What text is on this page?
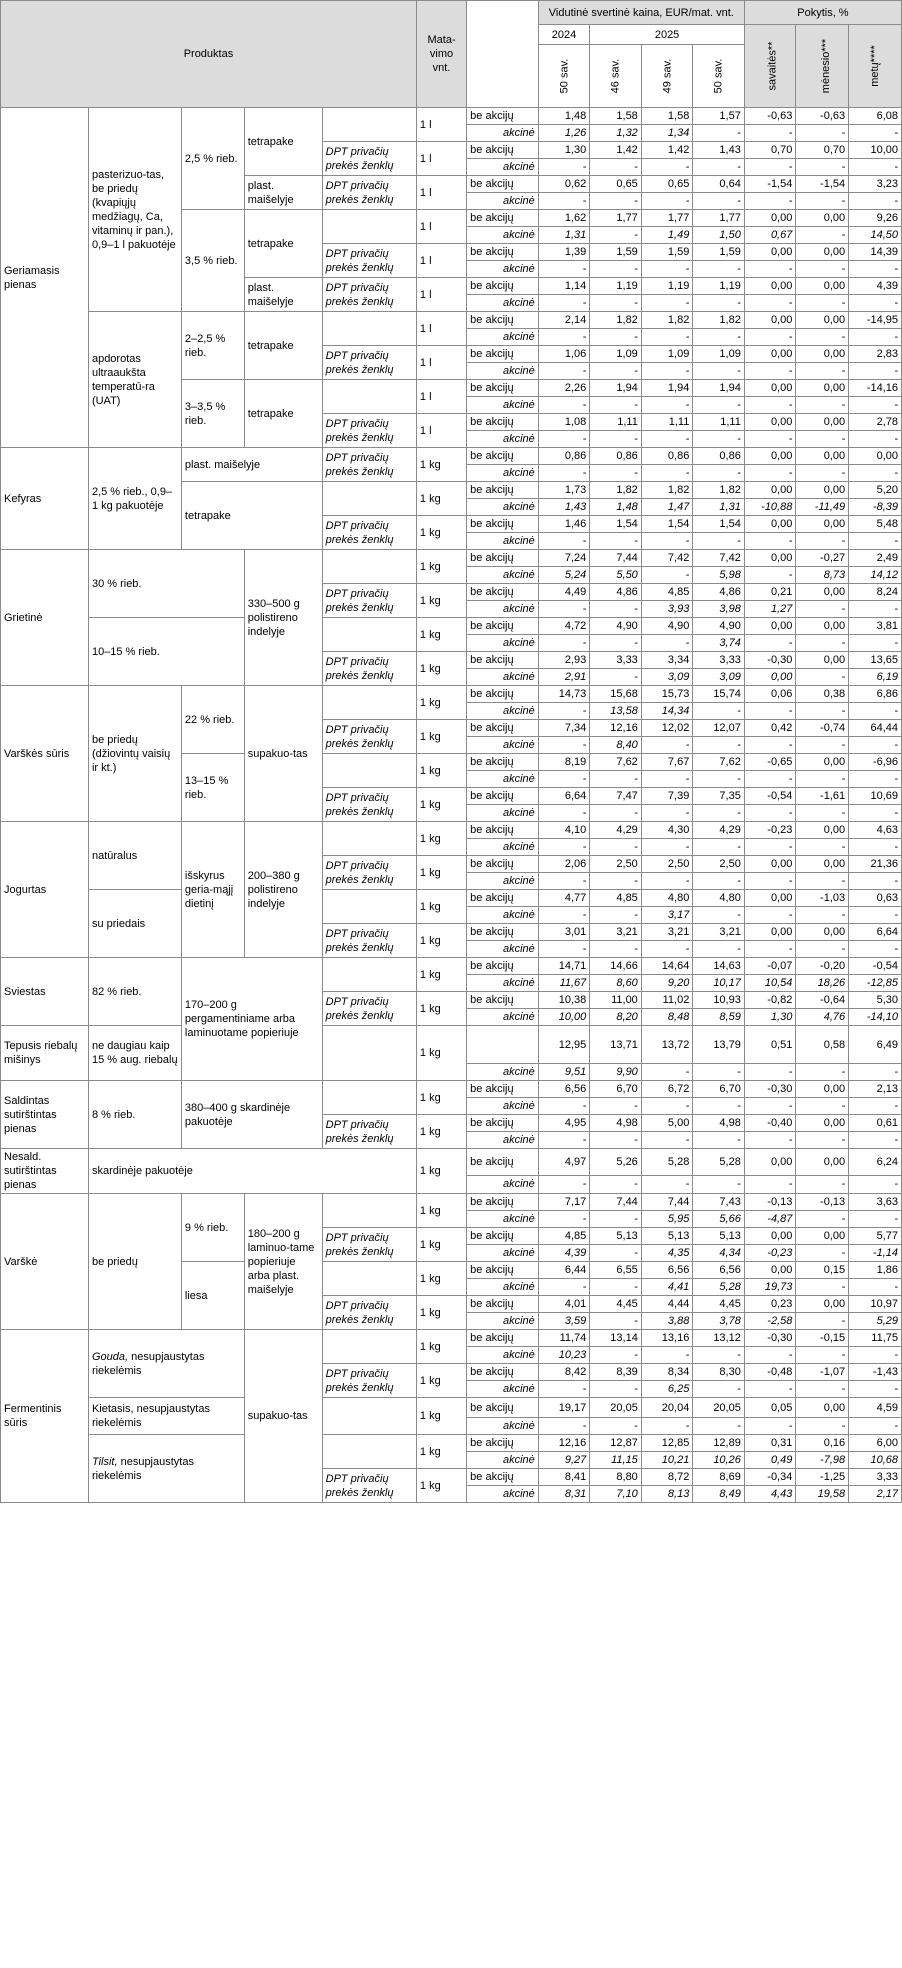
Produktas					Mata-vimo vnt.		Vidutinė svertinė kaina, EUR/mat. vnt.				Pokytis, %		
							2024	2025			savaitės**	mėnesio***	metų****
							50 sav.	46 sav.	49 sav.	50 sav.			
Geriamasis pienas	pasterizuo-tas, be priedų (kvapiųjų medžiagų, Ca, vitaminų ir pan.), 0,9–1 l pakuotėje	2,5 % rieb.	tetrapake		1 l	be akcijų	1,48	1,58	1,58	1,57	-0,63	-0,63	6,08
						akcinė	1,26	1,32	1,34	-	-	-	-
				DPT privačių prekės ženklų	1 l	be akcijų	1,30	1,42	1,42	1,43	0,70	0,70	10,00
						akcinė	-	-	-	-	-	-	-
			plast. maišelyje	DPT privačių prekės ženklų	1 l	be akcijų	0,62	0,65	0,65	0,64	-1,54	-1,54	3,23
						akcinė	-	-	-	-	-	-	-
		3,5 % rieb.	tetrapake		1 l	be akcijų	1,62	1,77	1,77	1,77	0,00	0,00	9,26
						akcinė	1,31	-	1,49	1,50	0,67	-	14,50
				DPT privačių prekės ženklų	1 l	be akcijų	1,39	1,59	1,59	1,59	0,00	0,00	14,39
						akcinė	-	-	-	-	-	-	-
			plast. maišelyje	DPT privačių prekės ženklų	1 l	be akcijų	1,14	1,19	1,19	1,19	0,00	0,00	4,39
						akcinė	-	-	-	-	-	-	-
	apdorotas ultraaukšta temperatū-ra (UAT)	2–2,5 % rieb.	tetrapake		1 l	be akcijų	2,14	1,82	1,82	1,82	0,00	0,00	-14,95
						akcinė	-	-	-	-	-	-	-
				DPT privačių prekės ženklų	1 l	be akcijų	1,06	1,09	1,09	1,09	0,00	0,00	2,83
						akcinė	-	-	-	-	-	-	-
		3–3,5 % rieb.	tetrapake		1 l	be akcijų	2,26	1,94	1,94	1,94	0,00	0,00	-14,16
						akcinė	-	-	-	-	-	-	-
				DPT privačių prekės ženklų	1 l	be akcijų	1,08	1,11	1,11	1,11	0,00	0,00	2,78
						akcinė	-	-	-	-	-	-	-
Kefyras	2,5 % rieb., 0,9–1 kg pakuotėje	plast. maišelyje		DPT privačių prekės ženklų	1 kg	be akcijų	0,86	0,86	0,86	0,86	0,00	0,00	0,00
						akcinė	-	-	-	-	-	-	-
		tetrapake			1 kg	be akcijų	1,73	1,82	1,82	1,82	0,00	0,00	5,20
						akcinė	1,43	1,48	1,47	1,31	-10,88	-11,49	-8,39
				DPT privačių prekės ženklų	1 kg	be akcijų	1,46	1,54	1,54	1,54	0,00	0,00	5,48
						akcinė	-	-	-	-	-	-	-
Grietinė	30 % rieb.		330–500 g polistireno indelyje		1 kg	be akcijų	7,24	7,44	7,42	7,42	0,00	-0,27	2,49
						akcinė	5,24	5,50	-	5,98	-	8,73	14,12
				DPT privačių prekės ženklų	1 kg	be akcijų	4,49	4,86	4,85	4,86	0,21	0,00	8,24
						akcinė	-	-	3,93	3,98	1,27	-	-
	10–15 % rieb.				1 kg	be akcijų	4,72	4,90	4,90	4,90	0,00	0,00	3,81
						akcinė	-	-	-	3,74	-	-	-
				DPT privačių prekės ženklų	1 kg	be akcijų	2,93	3,33	3,34	3,33	-0,30	0,00	13,65
						akcinė	2,91	-	3,09	3,09	0,00	-	6,19
Varškės sūris	be priedų (džiovintų vaisių ir kt.)	22 % rieb.	supakuo-tas		1 kg	be akcijų	14,73	15,68	15,73	15,74	0,06	0,38	6,86
						akcinė	-	13,58	14,34	-	-	-	-
				DPT privačių prekės ženklų	1 kg	be akcijų	7,34	12,16	12,02	12,07	0,42	-0,74	64,44
						akcinė	-	8,40	-	-	-	-	-
		13–15 % rieb.			1 kg	be akcijų	8,19	7,62	7,67	7,62	-0,65	0,00	-6,96
						akcinė	-	-	-	-	-	-	-
				DPT privačių prekės ženklų	1 kg	be akcijų	6,64	7,47	7,39	7,35	-0,54	-1,61	10,69
						akcinė	-	-	-	-	-	-	-
Jogurtas	natūralus	išskyrus geria-mąjį dietinį	200–380 g polistireno indelyje		1 kg	be akcijų	4,10	4,29	4,30	4,29	-0,23	0,00	4,63
						akcinė	-	-	-	-	-	-	-
				DPT privačių prekės ženklų	1 kg	be akcijų	2,06	2,50	2,50	2,50	0,00	0,00	21,36
						akcinė	-	-	-	-	-	-	-
	su priedais				1 kg	be akcijų	4,77	4,85	4,80	4,80	0,00	-1,03	0,63
						akcinė	-	-	3,17	-	-	-	-
				DPT privačių prekės ženklų	1 kg	be akcijų	3,01	3,21	3,21	3,21	0,00	0,00	6,64
						akcinė	-	-	-	-	-	-	-
Sviestas	82 % rieb.	170–200 g pergamentiniame arba laminuotame popieriuje			1 kg	be akcijų	14,71	14,66	14,64	14,63	-0,07	-0,20	-0,54
						akcinė	11,67	8,60	9,20	10,17	10,54	18,26	-12,85
				DPT privačių prekės ženklų	1 kg	be akcijų	10,38	11,00	11,02	10,93	-0,82	-0,64	5,30
						akcinė	10,00	8,20	8,48	8,59	1,30	4,76	-14,10
Tepusis riebalų mišinys	ne daugiau kaip 15 % aug. riebalų				1 kg		12,95	13,71	13,72	13,79	0,51	0,58	6,49
						akcinė	9,51	9,90	-	-	-	-	-
Saldintas sutirštintas pienas	8 % rieb.	380–400 g skardinėje pakuotėje			1 kg	be akcijų	6,56	6,70	6,72	6,70	-0,30	0,00	2,13
						akcinė	-	-	-	-	-	-	-
				DPT privačių prekės ženklų	1 kg	be akcijų	4,95	4,98	5,00	4,98	-0,40	0,00	0,61
						akcinė	-	-	-	-	-	-	-
Nesald. sutirštintas pienas	skardinėje pakuotėje				1 kg	be akcijų	4,97	5,26	5,28	5,28	0,00	0,00	6,24
						akcinė	-	-	-	-	-	-	-
Varškė	be priedų	9 % rieb.	180–200 g laminuo-tame popieriuje arba plast. maišelyje		1 kg	be akcijų	7,17	7,44	7,44	7,43	-0,13	-0,13	3,63
						akcinė	-	-	5,95	5,66	-4,87	-	-
				DPT privačių prekės ženklų	1 kg	be akcijų	4,85	5,13	5,13	5,13	0,00	0,00	5,77
						akcinė	4,39	-	4,35	4,34	-0,23	-	-1,14
		liesa			1 kg	be akcijų	6,44	6,55	6,56	6,56	0,00	0,15	1,86
						akcinė	-	-	4,41	5,28	19,73	-	-
				DPT privačių prekės ženklų	1 kg	be akcijų	4,01	4,45	4,44	4,45	0,23	0,00	10,97
						akcinė	3,59	-	3,88	3,78	-2,58	-	5,29
Fermentinis sūris	Gouda, nesupjaustytas riekelėmis		supakuo-tas		1 kg	be akcijų	11,74	13,14	13,16	13,12	-0,30	-0,15	11,75
						akcinė	10,23	-	-	-	-	-	-
				DPT privačių prekės ženklų	1 kg	be akcijų	8,42	8,39	8,34	8,30	-0,48	-1,07	-1,43
						akcinė	-	-	6,25	-	-	-	-
	Kietasis, nesupjaustytas riekelėmis				1 kg	be akcijų	19,17	20,05	20,04	20,05	0,05	0,00	4,59
						akcinė	-	-	-	-	-	-	-
	Tilsit, nesupjaustytas riekelėmis				1 kg	be akcijų	12,16	12,87	12,85	12,89	0,31	0,16	6,00
						akcinė	9,27	11,15	10,21	10,26	0,49	-7,98	10,68
				DPT privačių prekės ženklų	1 kg	be akcijų	8,41	8,80	8,72	8,69	-0,34	-1,25	3,33
						akcinė	8,31	7,10	8,13	8,49	4,43	19,58	2,17
